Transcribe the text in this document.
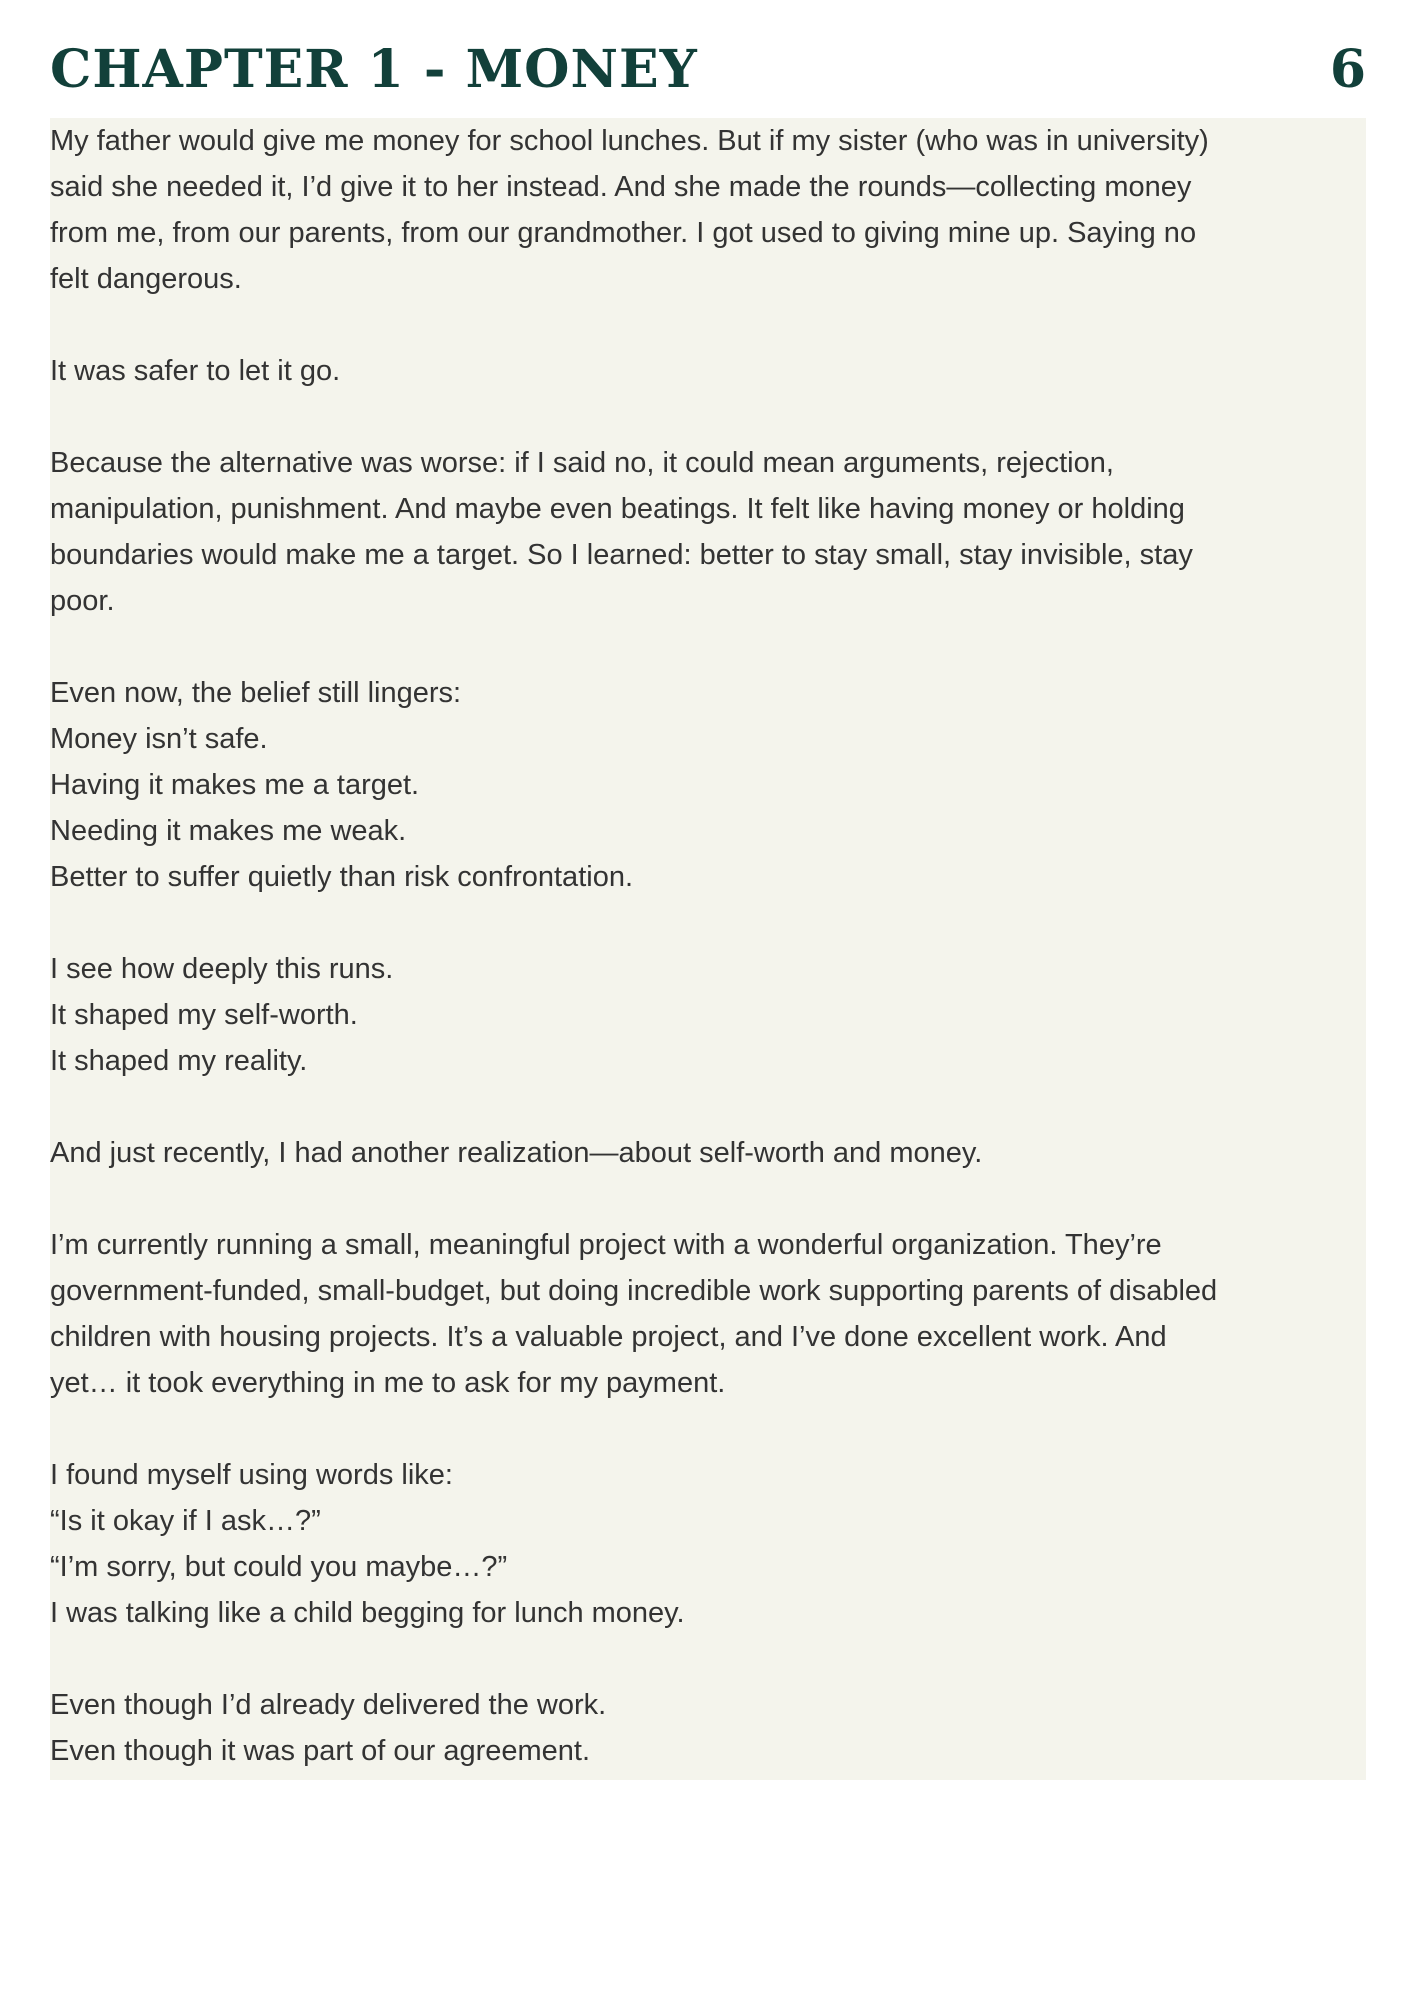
CHAPTER 1 - MONEY	6

My father would give me money for school lunches. But if my sister (who was in university)
said she needed it, I’d give it to her instead. And she made the rounds—collecting money
from me, from our parents, from our grandmother. I got used to giving mine up. Saying no
felt dangerous.

It was safer to let it go.

Because the alternative was worse: if I said no, it could mean arguments, rejection,
manipulation, punishment. And maybe even beatings. It felt like having money or holding
boundaries would make me a target. So I learned: better to stay small, stay invisible, stay
poor.

Even now, the belief still lingers:
Money isn’t safe.
Having it makes me a target.
Needing it makes me weak.
Better to suffer quietly than risk confrontation.

I see how deeply this runs.
It shaped my self-worth.
It shaped my reality.

And just recently, I had another realization—about self-worth and money.

I’m currently running a small, meaningful project with a wonderful organization. They’re
government-funded, small-budget, but doing incredible work supporting parents of disabled
children with housing projects. It’s a valuable project, and I’ve done excellent work. And
yet… it took everything in me to ask for my payment.

I found myself using words like:
“Is it okay if I ask…?”
“I’m sorry, but could you maybe…?”
I was talking like a child begging for lunch money.

Even though I’d already delivered the work.
Even though it was part of our agreement.
